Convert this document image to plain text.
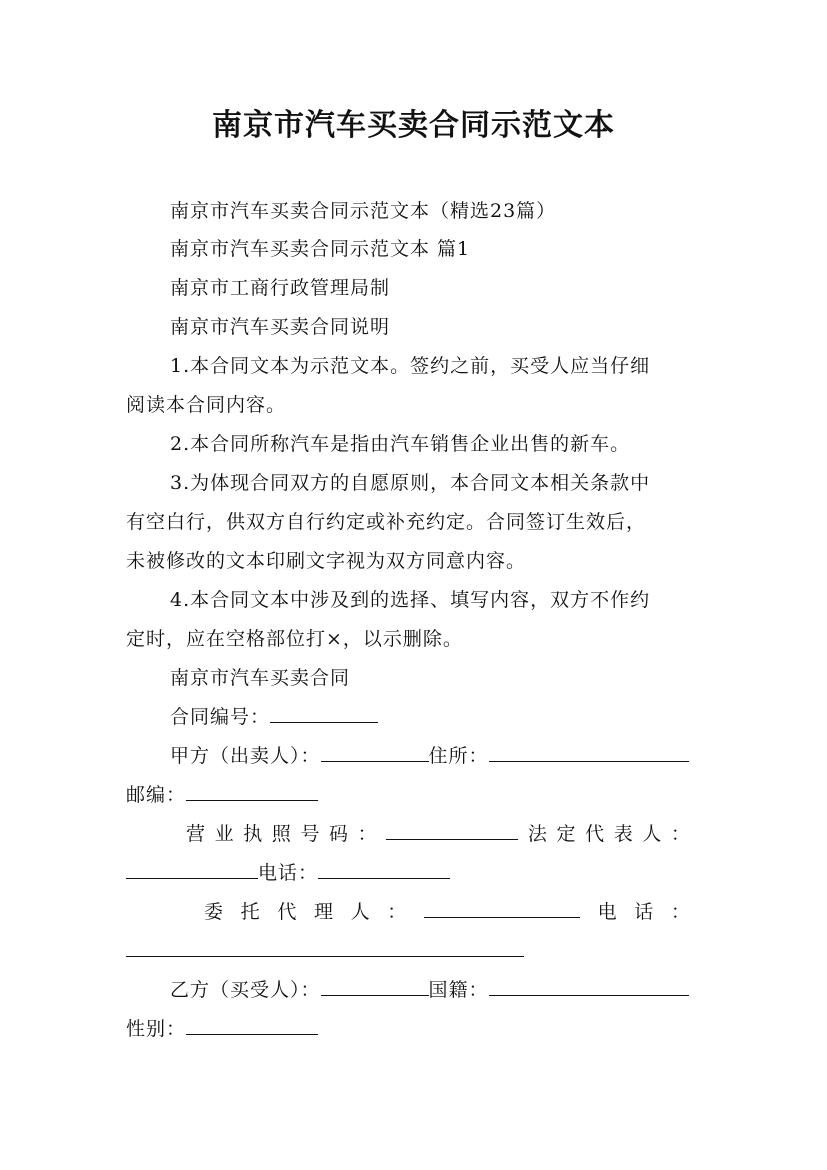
南京市汽车买卖合同示范文本
南京市汽车买卖合同示范文本（精选23篇）
南京市汽车买卖合同示范文本 篇1
南京市工商行政管理局制
南京市汽车买卖合同说明
1.本合同文本为示范文本。签约之前，买受人应当仔细
阅读本合同内容。
2.本合同所称汽车是指由汽车销售企业出售的新车。
3.为体现合同双方的自愿原则，本合同文本相关条款中
有空白行，供双方自行约定或补充约定。合同签订生效后，
未被修改的文本印刷文字视为双方同意内容。
4.本合同文本中涉及到的选择、填写内容，双方不作约
定时，应在空格部位打×，以示删除。
南京市汽车买卖合同
合同编号：
甲方（出卖人）：	住所：
邮编：
营 业 执 照 号 码 ：	法 定 代 表 人 ：
电话：
委 托 代 理 人 ：	电 话 ：
乙方（买受人）：	国籍：
性别：
